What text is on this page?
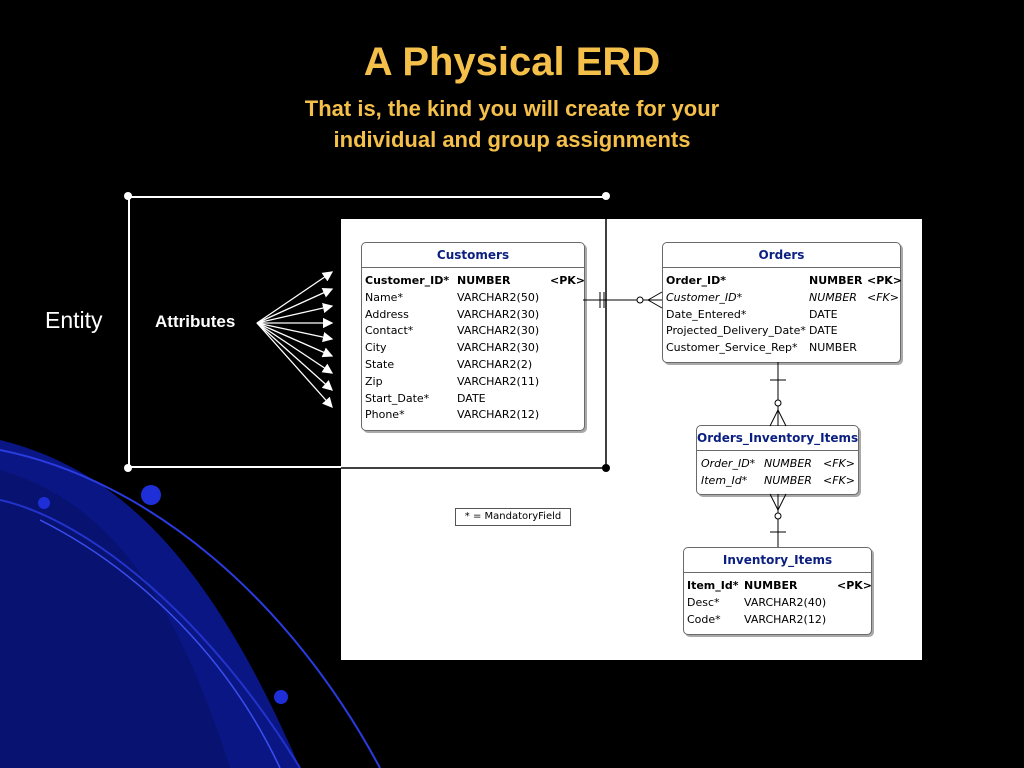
A Physical ERD
That is, the kind you will create for your
individual and group assignments
Customers
Customer_ID* NUMBER	<PK>
Name*	VARCHAR2(50)
Address	VARCHAR2(30)
Contact*	VARCHAR2(30)
City	VARCHAR2(30)
State	VARCHAR2(2)
Zip	VARCHAR2(11)
Start_Date*	DATE
Phone*	VARCHAR2(12)
Orders
Order_ID*	NUMBER <PK>
Customer_ID*	NUMBER <FK>
Date_Entered*	DATE
Projected_Delivery_Date* DATE
Customer_Service_Rep* NUMBER
Orders_Inventory_Items
Order_ID* NUMBER <FK>
Item_Id* NUMBER <FK>
Inventory_Items
Item_Id* NUMBER	<PK>
Desc* VARCHAR2(40)
Code* VARCHAR2(12)
* = MandatoryField
Entity	Attributes
